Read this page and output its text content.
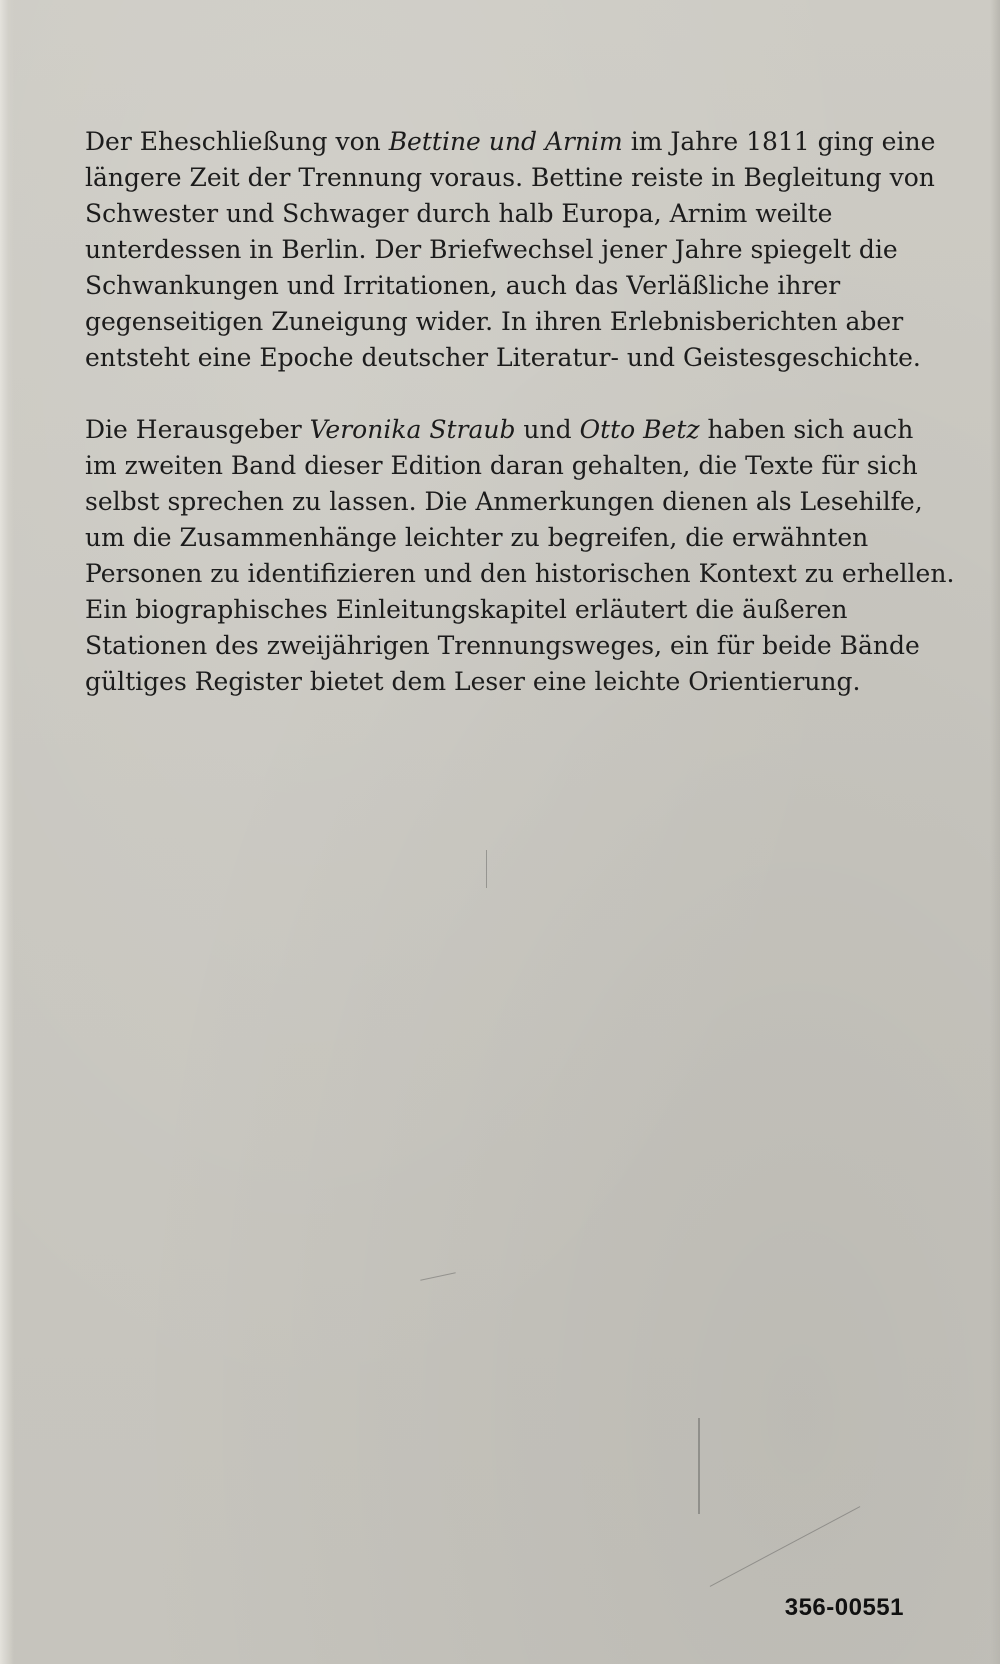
Der Eheschließung von Bettine und Arnim im Jahre 1811 ging eine
längere Zeit der Trennung voraus. Bettine reiste in Begleitung von
Schwester und Schwager durch halb Europa, Arnim weilte
unterdessen in Berlin. Der Briefwechsel jener Jahre spiegelt die
Schwankungen und Irritationen, auch das Verläßliche ihrer
gegenseitigen Zuneigung wider. In ihren Erlebnisberichten aber
entsteht eine Epoche deutscher Literatur- und Geistesgeschichte.
Die Herausgeber Veronika Straub und Otto Betz haben sich auch
im zweiten Band dieser Edition daran gehalten, die Texte für sich
selbst sprechen zu lassen. Die Anmerkungen dienen als Lesehilfe,
um die Zusammenhänge leichter zu begreifen, die erwähnten
Personen zu identifizieren und den historischen Kontext zu erhellen.
Ein biographisches Einleitungskapitel erläutert die äußeren
Stationen des zweijährigen Trennungsweges, ein für beide Bände
gültiges Register bietet dem Leser eine leichte Orientierung.
356-00551
